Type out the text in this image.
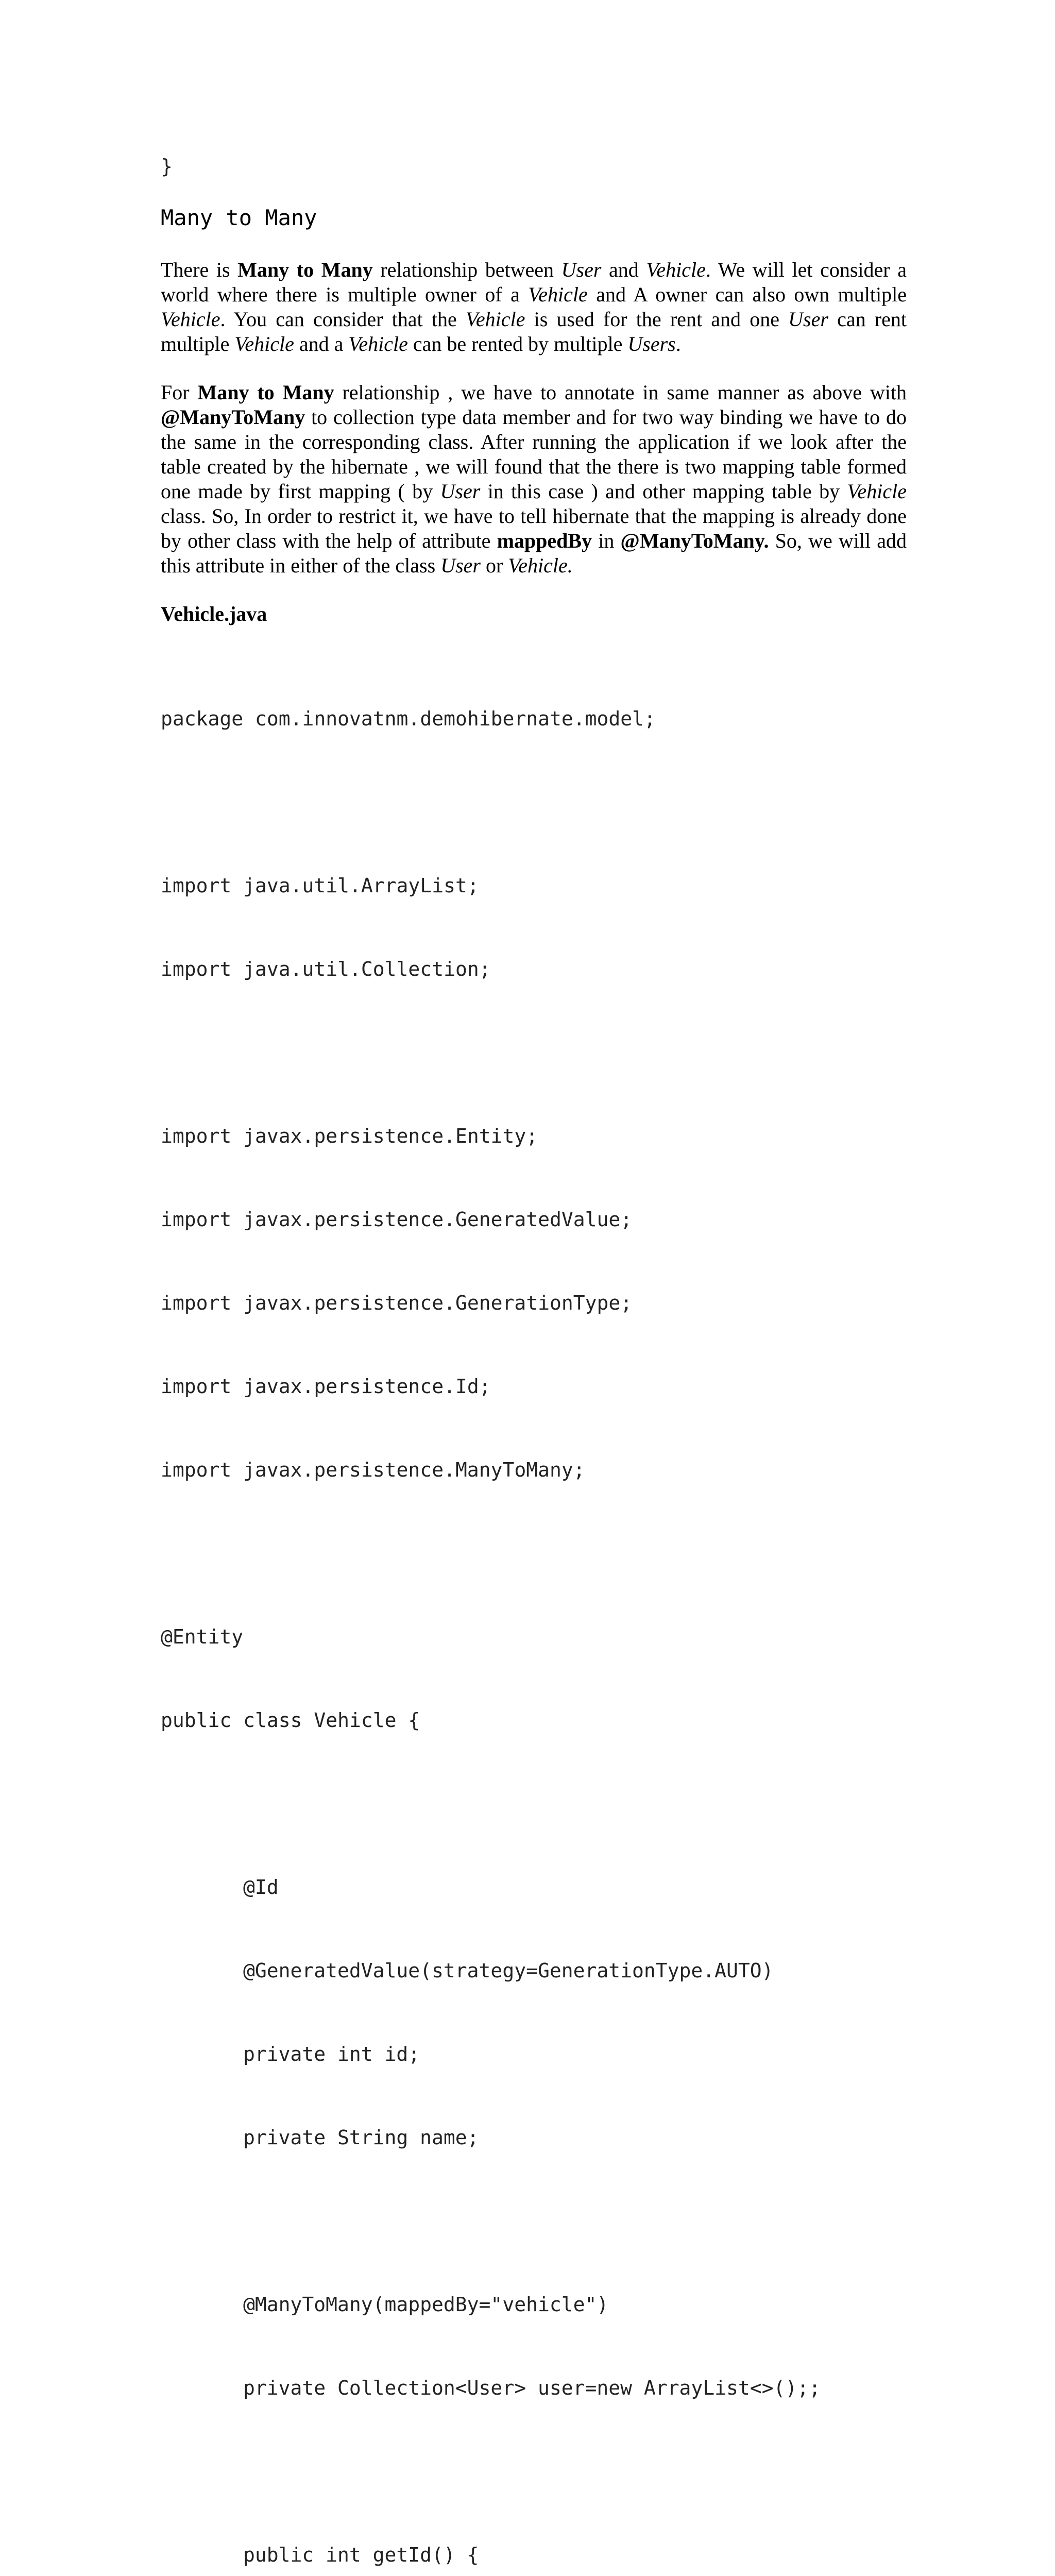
}

Many to Many

There is Many to Many relationship between User and Vehicle. We will let consider a world where there is multiple owner of a Vehicle and A owner can also own multiple Vehicle. You can consider that the Vehicle is used for the rent and one User can rent multiple Vehicle and a Vehicle can be rented by multiple Users.

For Many to Many relationship , we have to annotate in same manner as above with @ManyToMany to collection type data member and for two way binding we have to do the same in the corresponding class. After running the application if we look after the table created by the hibernate , we will found that the there is two mapping table formed one made by first mapping ( by User in this case ) and other mapping table by Vehicle class. So, In order to restrict it, we have to tell hibernate that the mapping is already done by other class with the help of attribute mappedBy in @ManyToMany. So, we will add this attribute in either of the class User or Vehicle.

Vehicle.java

package com.innovatnm.demohibernate.model;

import java.util.ArrayList;

import java.util.Collection;

import javax.persistence.Entity;

import javax.persistence.GeneratedValue;

import javax.persistence.GenerationType;

import javax.persistence.Id;

import javax.persistence.ManyToMany;

@Entity

public class Vehicle {

@Id

@GeneratedValue(strategy=GenerationType.AUTO)

private int id;

private String name;

@ManyToMany(mappedBy="vehicle")

private Collection<User> user=new ArrayList<>();;

public int getId() {
